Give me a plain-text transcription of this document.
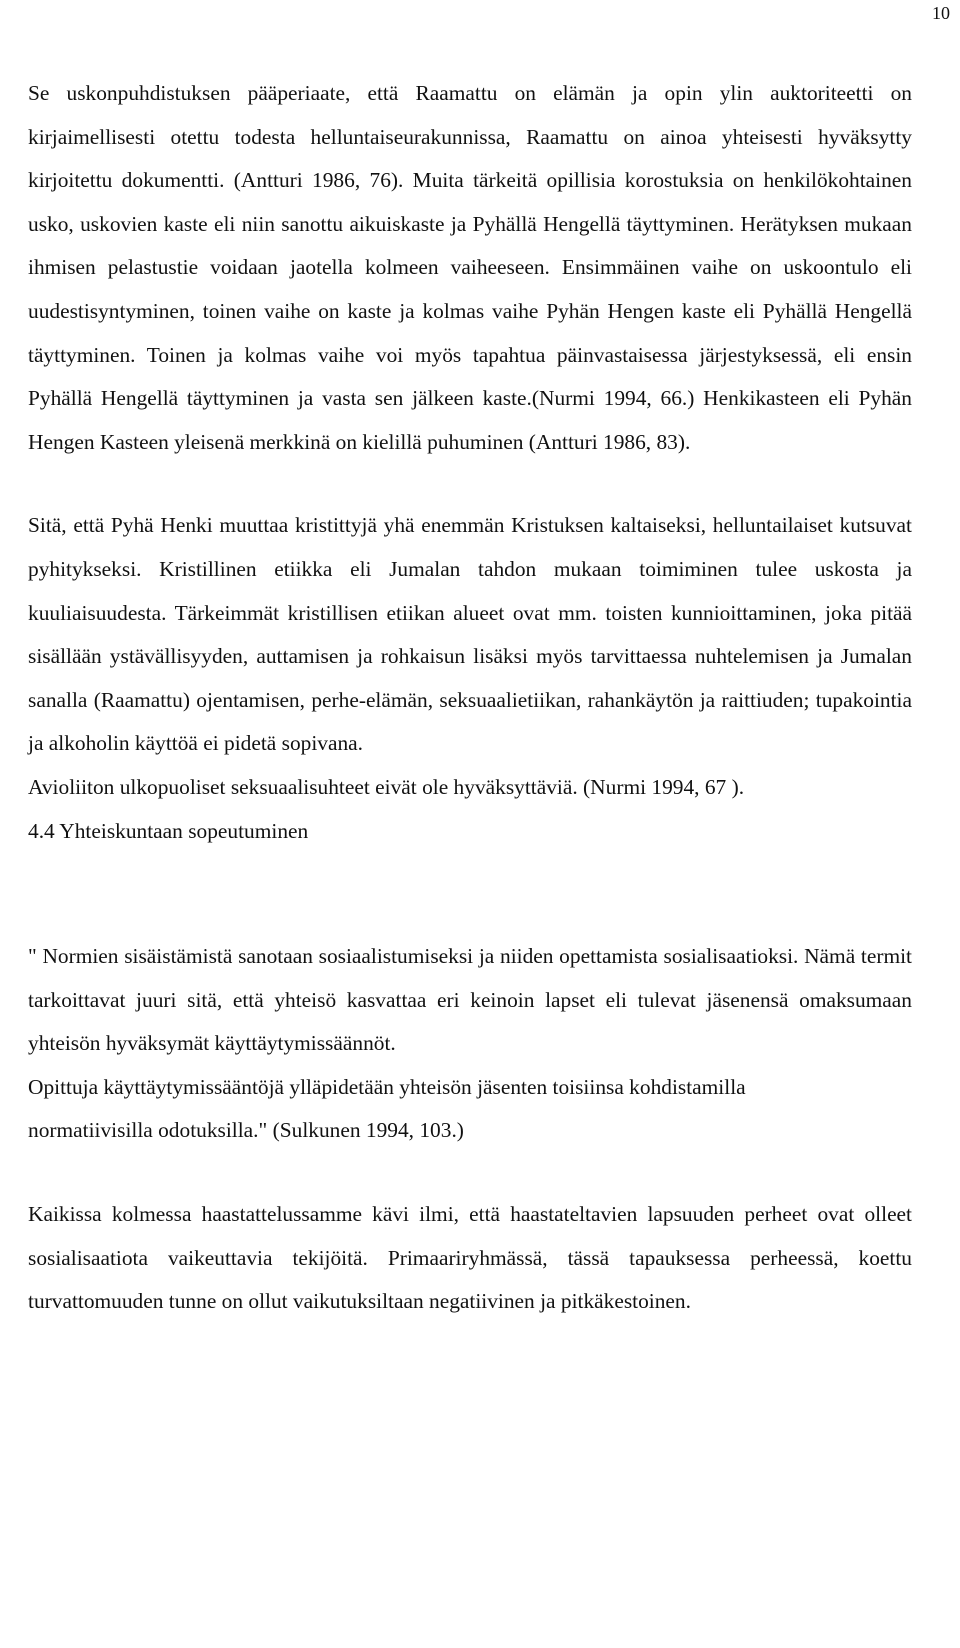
10

Se uskonpuhdistuksen pääperiaate, että Raamattu on elämän ja opin ylin auktoriteetti on kirjaimellisesti otettu todesta helluntaiseurakunnissa, Raamattu on ainoa yhteisesti hyväksytty kirjoitettu dokumentti. (Antturi 1986, 76). Muita tärkeitä opillisia korostuksia on henkilökohtainen usko, uskovien kaste eli niin sanottu aikuiskaste ja Pyhällä Hengellä täyttyminen. Herätyksen mukaan ihmisen pelastustie voidaan jaotella kolmeen vaiheeseen. Ensimmäinen vaihe on uskoontulo eli uudestisyntyminen, toinen vaihe on kaste ja kolmas vaihe Pyhän Hengen kaste eli Pyhällä Hengellä täyttyminen. Toinen ja kolmas vaihe voi myös tapahtua päinvastaisessa järjestyksessä, eli ensin Pyhällä Hengellä täyttyminen ja vasta sen jälkeen kaste.(Nurmi 1994, 66.) Henkikasteen eli Pyhän Hengen Kasteen yleisenä merkkinä on kielillä puhuminen (Antturi 1986, 83).

Sitä, että Pyhä Henki muuttaa kristittyjä yhä enemmän Kristuksen kaltaiseksi, helluntailaiset kutsuvat pyhitykseksi. Kristillinen etiikka eli Jumalan tahdon mukaan toimiminen tulee uskosta ja kuuliaisuudesta. Tärkeimmät kristillisen etiikan alueet ovat mm. toisten kunnioittaminen, joka pitää sisällään ystävällisyyden, auttamisen ja rohkaisun lisäksi myös tarvittaessa nuhtelemisen ja Jumalan sanalla (Raamattu) ojentamisen, perhe-elämän, seksuaalietiikan, rahankäytön ja raittiuden; tupakointia ja alkoholin käyttöä ei pidetä sopivana.

Avioliiton ulkopuoliset seksuaalisuhteet eivät ole hyväksyttäviä. (Nurmi 1994, 67 ).

4.4 Yhteiskuntaan sopeutuminen

" Normien sisäistämistä sanotaan sosiaalistumiseksi ja niiden opettamista sosialisaatioksi. Nämä termit tarkoittavat juuri sitä, että yhteisö kasvattaa eri keinoin lapset eli tulevat jäsenensä omaksumaan yhteisön hyväksymät käyttäytymissäännöt.

Opittuja käyttäytymissääntöjä ylläpidetään yhteisön jäsenten toisiinsa kohdistamilla

normatiivisilla odotuksilla." (Sulkunen 1994, 103.)

Kaikissa kolmessa haastattelussamme kävi ilmi, että haastateltavien lapsuuden perheet ovat olleet sosialisaatiota vaikeuttavia tekijöitä. Primaariryhmässä, tässä tapauksessa perheessä, koettu turvattomuuden tunne on ollut vaikutuksiltaan negatiivinen ja pitkäkestoinen.
